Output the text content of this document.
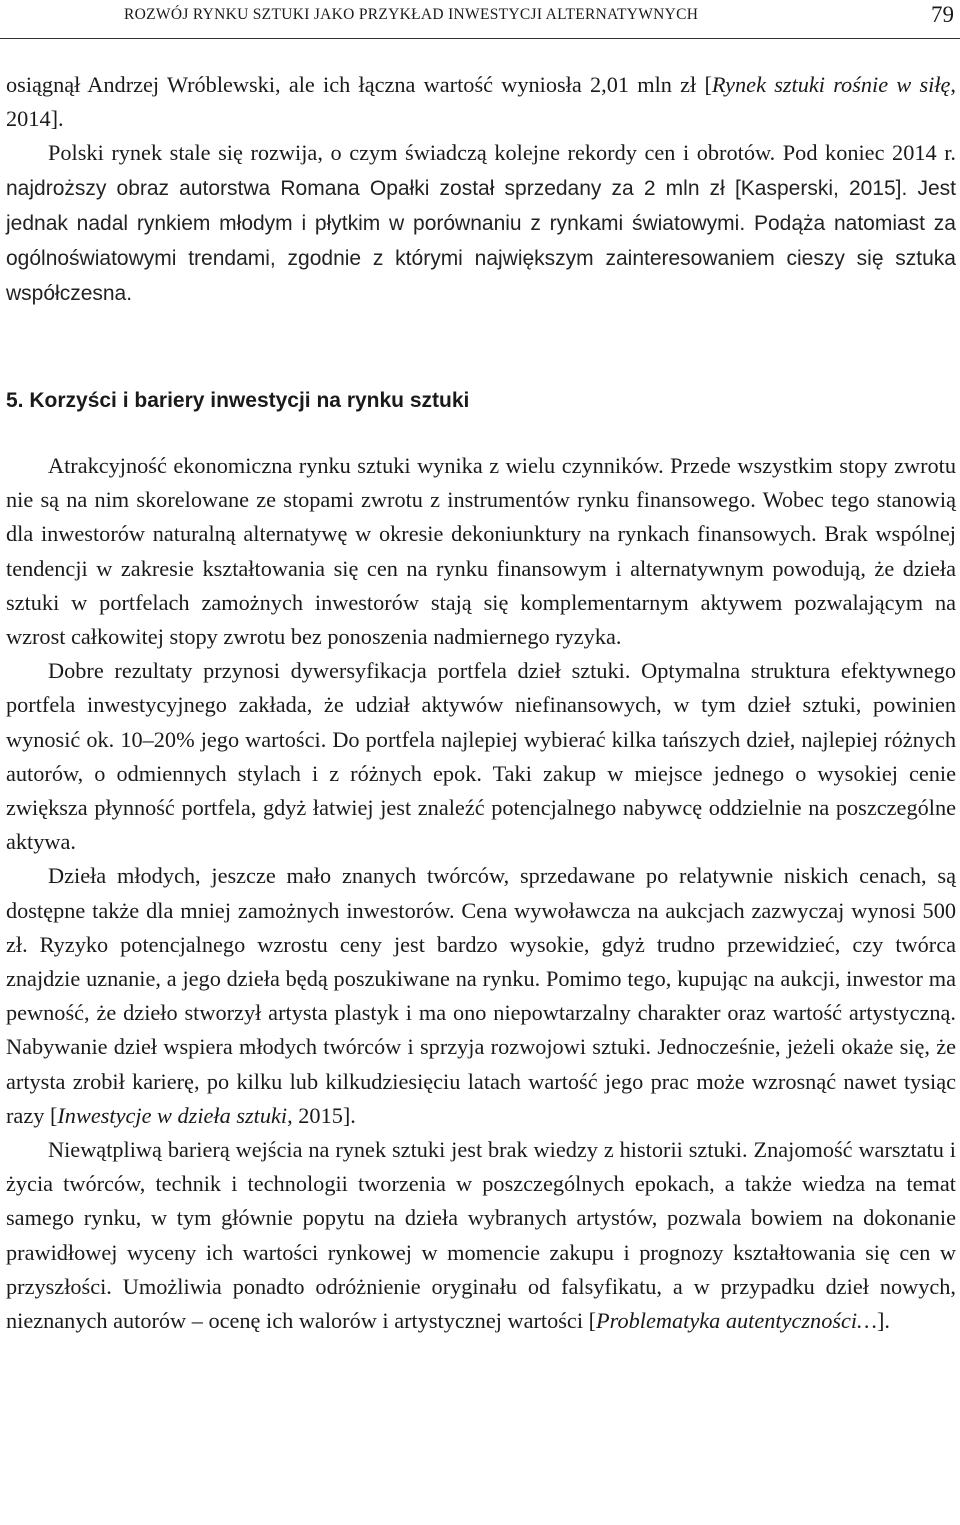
ROZWÓJ RYNKU SZTUKI JAKO PRZYKŁAD INWESTYCJI ALTERNATYWNYCH	79

osiągnął Andrzej Wróblewski, ale ich łączna wartość wyniosła 2,01 mln zł [Rynek sztuki rośnie w siłę, 2014].

Polski rynek stale się rozwija, o czym świadczą kolejne rekordy cen i obrotów. Pod koniec 2014 r. najdroższy obraz autorstwa Romana Opałki został sprzedany za 2 mln zł [Kasperski, 2015]. Jest jednak nadal rynkiem młodym i płytkim w porównaniu z rynkami światowymi. Podąża natomiast za ogólnoświatowymi trendami, zgodnie z którymi największym zainteresowaniem cieszy się sztuka współczesna.

5. Korzyści i bariery inwestycji na rynku sztuki

Atrakcyjność ekonomiczna rynku sztuki wynika z wielu czynników. Przede wszystkim stopy zwrotu nie są na nim skorelowane ze stopami zwrotu z instrumentów rynku finansowego. Wobec tego stanowią dla inwestorów naturalną alternatywę w okresie dekoniunktury na rynkach finansowych. Brak wspólnej tendencji w zakresie kształtowania się cen na rynku finansowym i alternatywnym powodują, że dzieła sztuki w portfelach zamożnych inwestorów stają się komplementarnym aktywem pozwalającym na wzrost całkowitej stopy zwrotu bez ponoszenia nadmiernego ryzyka.

Dobre rezultaty przynosi dywersyfikacja portfela dzieł sztuki. Optymalna struktura efektywnego portfela inwestycyjnego zakłada, że udział aktywów niefinansowych, w tym dzieł sztuki, powinien wynosić ok. 10–20% jego wartości. Do portfela najlepiej wybierać kilka tańszych dzieł, najlepiej różnych autorów, o odmiennych stylach i z różnych epok. Taki zakup w miejsce jednego o wysokiej cenie zwiększa płynność portfela, gdyż łatwiej jest znaleźć potencjalnego nabywcę oddzielnie na poszczególne aktywa.

Dzieła młodych, jeszcze mało znanych twórców, sprzedawane po relatywnie niskich cenach, są dostępne także dla mniej zamożnych inwestorów. Cena wywoławcza na aukcjach zazwyczaj wynosi 500 zł. Ryzyko potencjalnego wzrostu ceny jest bardzo wysokie, gdyż trudno przewidzieć, czy twórca znajdzie uznanie, a jego dzieła będą poszukiwane na rynku. Pomimo tego, kupując na aukcji, inwestor ma pewność, że dzieło stworzył artysta plastyk i ma ono niepowtarzalny charakter oraz wartość artystyczną. Nabywanie dzieł wspiera młodych twórców i sprzyja rozwojowi sztuki. Jednocześnie, jeżeli okaże się, że artysta zrobił karierę, po kilku lub kilkudziesięciu latach wartość jego prac może wzrosnąć nawet tysiąc razy [Inwestycje w dzieła sztuki, 2015].

Niewątpliwą barierą wejścia na rynek sztuki jest brak wiedzy z historii sztuki. Znajomość warsztatu i życia twórców, technik i technologii tworzenia w poszczególnych epokach, a także wiedza na temat samego rynku, w tym głównie popytu na dzieła wybranych artystów, pozwala bowiem na dokonanie prawidłowej wyceny ich wartości rynkowej w momencie zakupu i prognozy kształtowania się cen w przyszłości. Umożliwia ponadto odróżnienie oryginału od falsyfikatu, a w przypadku dzieł nowych, nieznanych autorów – ocenę ich walorów i artystycznej wartości [Problematyka autentyczności…].
